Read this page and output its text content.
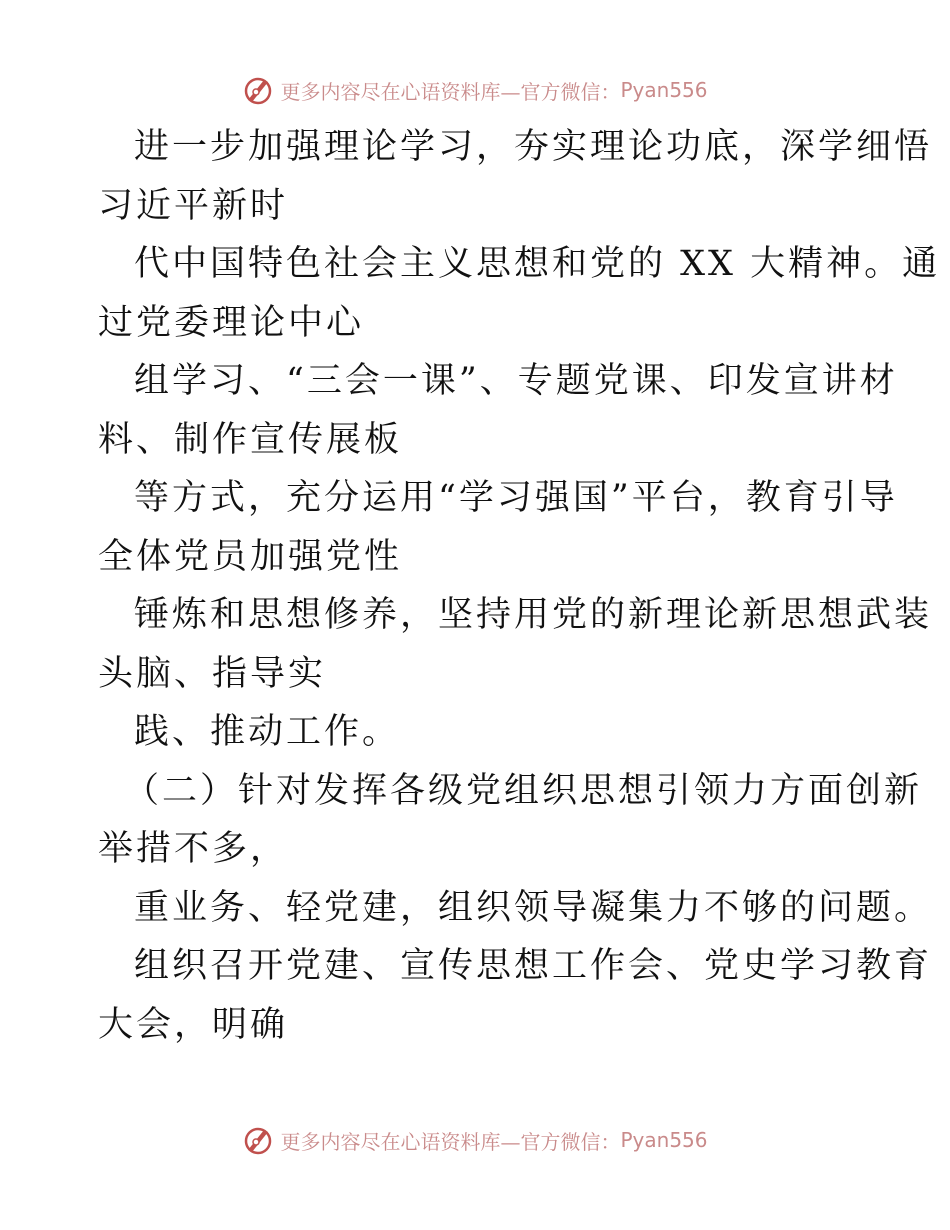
更多内容尽在心语资料库—官方微信： Pyan556
进一步加强理论学习，夯实理论功底，深学细悟
习近平新时
代中国特色社会主义思想和党的 XX 大精神。通
过党委理论中心
组学习、“三会一课”、专题党课、印发宣讲材
料、制作宣传展板
等方式，充分运用“学习强国”平台，教育引导
全体党员加强党性
锤炼和思想修养，坚持用党的新理论新思想武装
头脑、指导实
践、推动工作。
（二）针对发挥各级党组织思想引领力方面创新
举措不多，
重业务、轻党建，组织领导凝集力不够的问题。
组织召开党建、宣传思想工作会、党史学习教育
大会，明确
更多内容尽在心语资料库—官方微信： Pyan556
